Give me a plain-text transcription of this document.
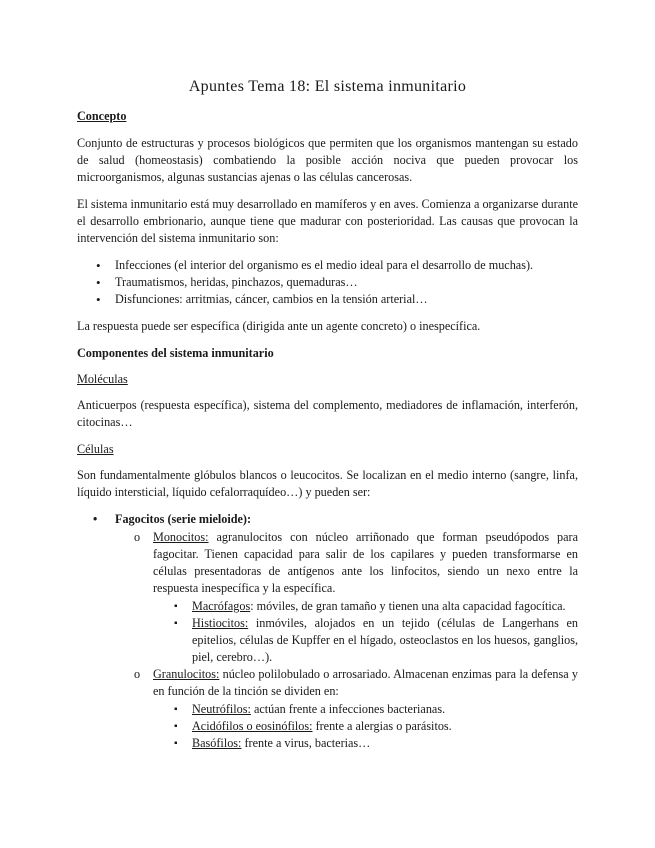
Apuntes Tema 18: El sistema inmunitario
Concepto

Conjunto de estructuras y procesos biológicos que permiten que los organismos mantengan su estado de salud (homeostasis) combatiendo la posible acción nociva que pueden provocar los microorganismos, algunas sustancias ajenas o las células cancerosas.

El sistema inmunitario está muy desarrollado en mamíferos y en aves. Comienza a organizarse durante el desarrollo embrionario, aunque tiene que madurar con posterioridad. Las causas que provocan la intervención del sistema inmunitario son:

• Infecciones (el interior del organismo es el medio ideal para el desarrollo de muchas).
• Traumatismos, heridas, pinchazos, quemaduras…
• Disfunciones: arritmias, cáncer, cambios en la tensión arterial…

La respuesta puede ser específica (dirigida ante un agente concreto) o inespecífica.

Componentes del sistema inmunitario
Moléculas

Anticuerpos (respuesta específica), sistema del complemento, mediadores de inflamación, interferón, citocinas…

Células

Son fundamentalmente glóbulos blancos o leucocitos. Se localizan en el medio interno (sangre, linfa, líquido intersticial, líquido cefalorraquídeo…) y pueden ser:

• Fagocitos (serie mieloide):
o Monocitos: agranulocitos con núcleo arriñonado que forman pseudópodos para fagocitar. Tienen capacidad para salir de los capilares y pueden transformarse en células presentadoras de antígenos ante los linfocitos, siendo un nexo entre la respuesta inespecífica y la específica.
▪ Macrófagos: móviles, de gran tamaño y tienen una alta capacidad fagocítica.
▪ Histiocitos: inmóviles, alojados en un tejido (células de Langerhans en epitelios, células de Kupffer en el hígado, osteoclastos en los huesos, ganglios, piel, cerebro…).
o Granulocitos: núcleo polilobulado o arrosariado. Almacenan enzimas para la defensa y en función de la tinción se dividen en:
▪ Neutrófilos: actúan frente a infecciones bacterianas.
▪ Acidófilos o eosinófilos: frente a alergias o parásitos.
▪ Basófilos: frente a virus, bacterias…
